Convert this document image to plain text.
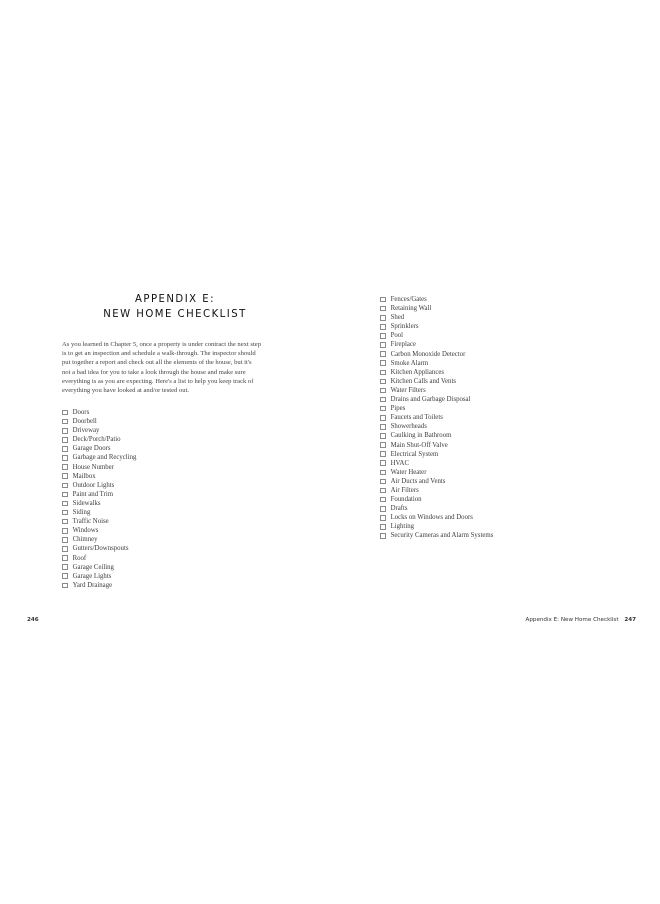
APPENDIX E:
NEW HOME CHECKLIST
As you learned in Chapter 5, once a property is under contract the next step
is to get an inspection and schedule a walk-through. The inspector should
put together a report and check out all the elements of the house, but it's
not a bad idea for you to take a look through the house and make sure
everything is as you are expecting. Here's a list to help you keep track of
everything you have looked at and/or tested out.
Doors
Doorbell
Driveway
Deck/Porch/Patio
Garage Doors
Garbage and Recycling
House Number
Mailbox
Outdoor Lights
Paint and Trim
Sidewalks
Siding
Traffic Noise
Windows
Chimney
Gutters/Downspouts
Roof
Garage Ceiling
Garage Lights
Yard Drainage
246
Fences/Gates
Retaining Wall
Shed
Sprinklers
Pool
Fireplace
Carbon Monoxide Detector
Smoke Alarm
Kitchen Appliances
Kitchen Calls and Vents
Water Filters
Drains and Garbage Disposal
Pipes
Faucets and Toilets
Showerheads
Caulking in Bathroom
Main Shut-Off Valve
Electrical System
HVAC
Water Heater
Air Ducts and Vents
Air Filters
Foundation
Drafts
Locks on Windows and Doors
Lighting
Security Cameras and Alarm Systems
Appendix E: New Home Checklist 247
